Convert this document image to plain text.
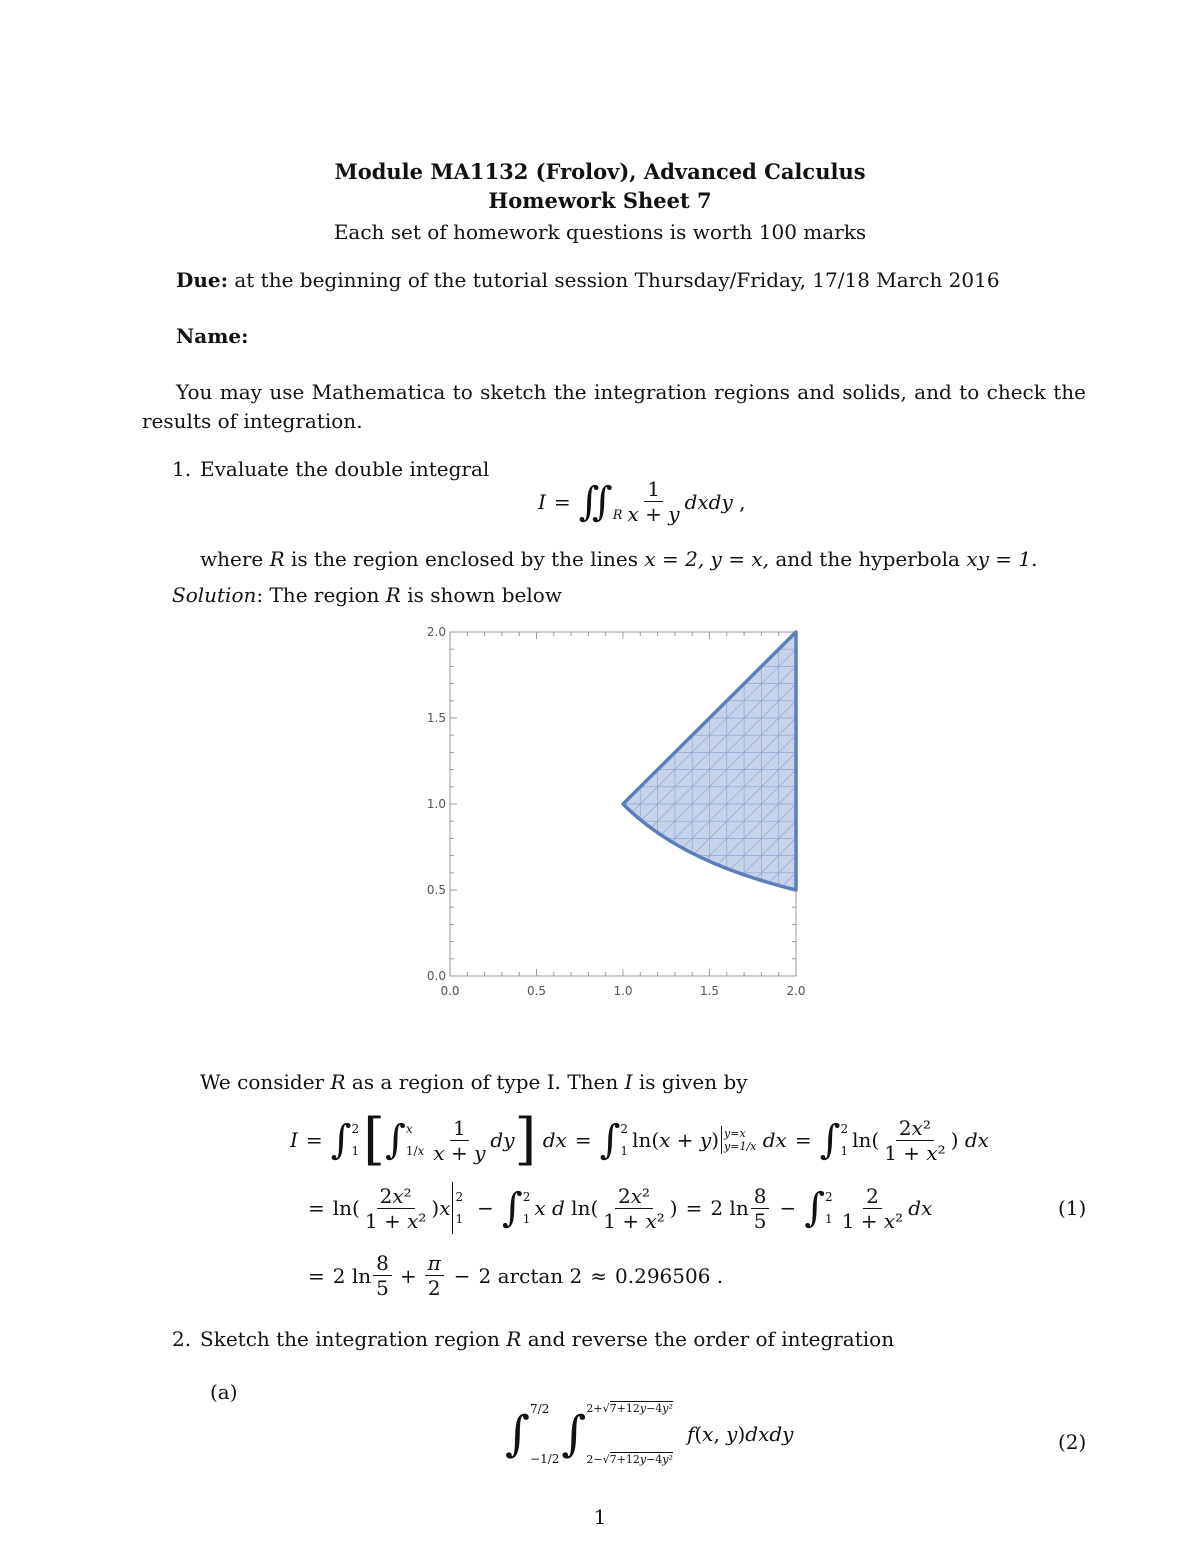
Module MA1132 (Frolov), Advanced Calculus
Homework Sheet 7
Each set of homework questions is worth 100 marks
Due: at the beginning of the tutorial session Thursday/Friday, 17/18 March 2016
Name:
You may use Mathematica to sketch the integration regions and solids, and to check the
results of integration.
1. Evaluate the double integral
$I = ∬_R \frac{1}{x + y}$ dxdy ,
where R is the region enclosed by the lines x = 2, y = x, and the hyperbola xy = 1.
Solution: The region R is shown below
0.0	0.5	1.0	1.5	2.0
0.0
0.5
1.0
1.5
2.0
We consider R as a region of type I. Then I is given by
I = ∫ 2
1 [ ∫ x
$1/x \frac{1}{x + y}$ dy ] dx = ∫ 2
1 ln(x + y) y=x
y=1/x dx = ∫ 2
1 $\ln( \frac{\text{2x²}}{\text{1 + x²}}$ ) dx
= $\ln( \frac{\text{2x²}}{\text{1 + x²}}$ ) x 2
1 − ∫ 2
1 x d $\ln( \frac{\text{2x²}}{\text{1 + x²}}$ ) = 2 $\ln \frac{8}{5}$ − ∫ 2
$1 \frac{2}{\text{1 + x²}}$ dx	(1)
= 2 $\ln \frac{8}{5} + \frac{\pi}{2} - 2$ arctan 2 ≈ 0.296506 .
2. Sketch the integration region R and reverse the order of integration
(a)
∫ 7/2
−1/2 ∫ 2+√7+12y−4y²
2−√7+12y−4y²
f (x, y) dxdy	(2)
1
